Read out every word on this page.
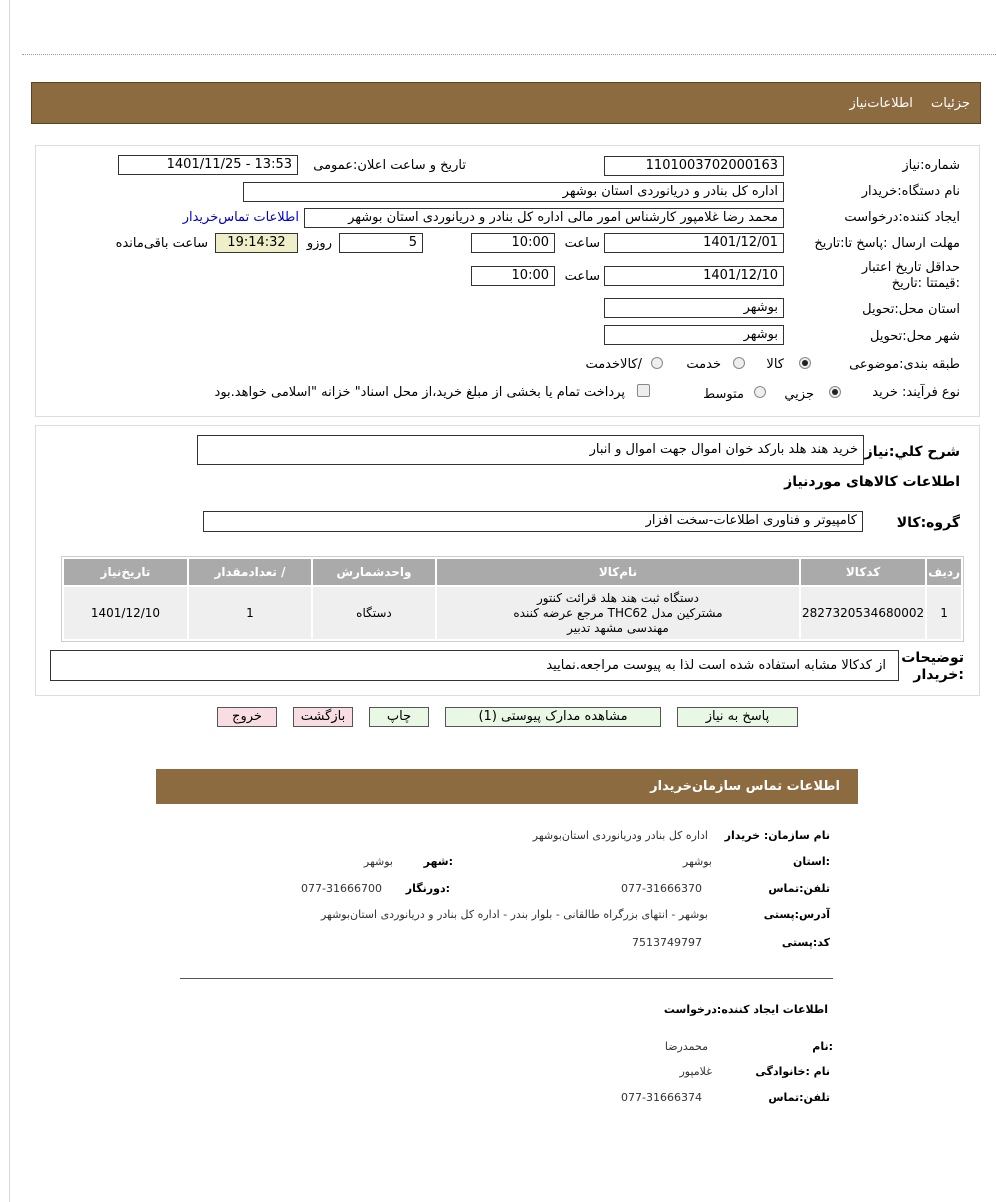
جزئیات اطلاعات‌نیاز
شماره:نیاز
1101003702000163
تاریخ و ساعت اعلان:عمومی
1401/11/25 - 13:53
نام دستگاه:خریدار
اداره کل بنادر و دریانوردی استان بوشهر
ایجاد کننده:درخواست
محمد رضا غلامپور کارشناس امور مالی اداره کل بنادر و دریانوردی استان بوشهر
اطلاعات تماس‌خریدار
مهلت ارسال :پاسخ تا:تاریخ
1401/12/01
ساعت
10:00
5
روزو
19:14:32
ساعت باقی‌مانده
حداقل تاریخ اعتبار :قیمتتا :تاریخ
1401/12/10
ساعت
10:00
استان محل:تحویل
بوشهر
شهر محل:تحویل
بوشهر
طبقه بندی:موضوعی
کالا
خدمت
/کالاخدمت
نوع فرآیند: خرید
جزیي
متوسط
پرداخت تمام یا بخشی از مبلغ خرید،از محل اسناد" خزانه "اسلامی خواهد.بود
شرح کلي:نیاز
خرید هند هلد بارکد خوان اموال جهت اموال و انبار
اطلاعات کالاهای موردنیاز
گروه:کالا
کامپیوتر و فناوری اطلاعات-سخت افزار
ردیف	کدکالا	نام‌کالا	واحدشمارش	/ تعدادمقدار	تاریخ‌نیاز
1	2827320534680002	دستگاه ثبت هند هلد قرائت کنتور
مشترکین مدل THC62 مرجع عرضه کننده
مهندسی مشهد تدبیر	دستگاه	1	1401/12/10
توضیحات :خریدار
از کدکالا مشابه استفاده شده است لذا به پیوست مراجعه.نمایید
پاسخ به نیاز
مشاهده مدارک پیوستی (1)
چاپ
بازگشت
خروج
اطلاعات تماس سازمان‌خریدار
نام سازمان: خریدار
اداره کل بنادر ودریانوردی استان‌بوشهر
:استان
بوشهر
:شهر
بوشهر
تلفن:تماس
077-31666370
:دورنگار
077-31666700
آدرس:پستی
بوشهر - انتهای بزرگراه طالقانی - بلوار بندر - اداره کل بنادر و دریانوردی استان‌بوشهر
کد:پستی
7513749797
اطلاعات ایجاد کننده:درخواست
:نام
محمدرضا
نام :خانوادگی
غلامپور
تلفن:تماس
077-31666374
